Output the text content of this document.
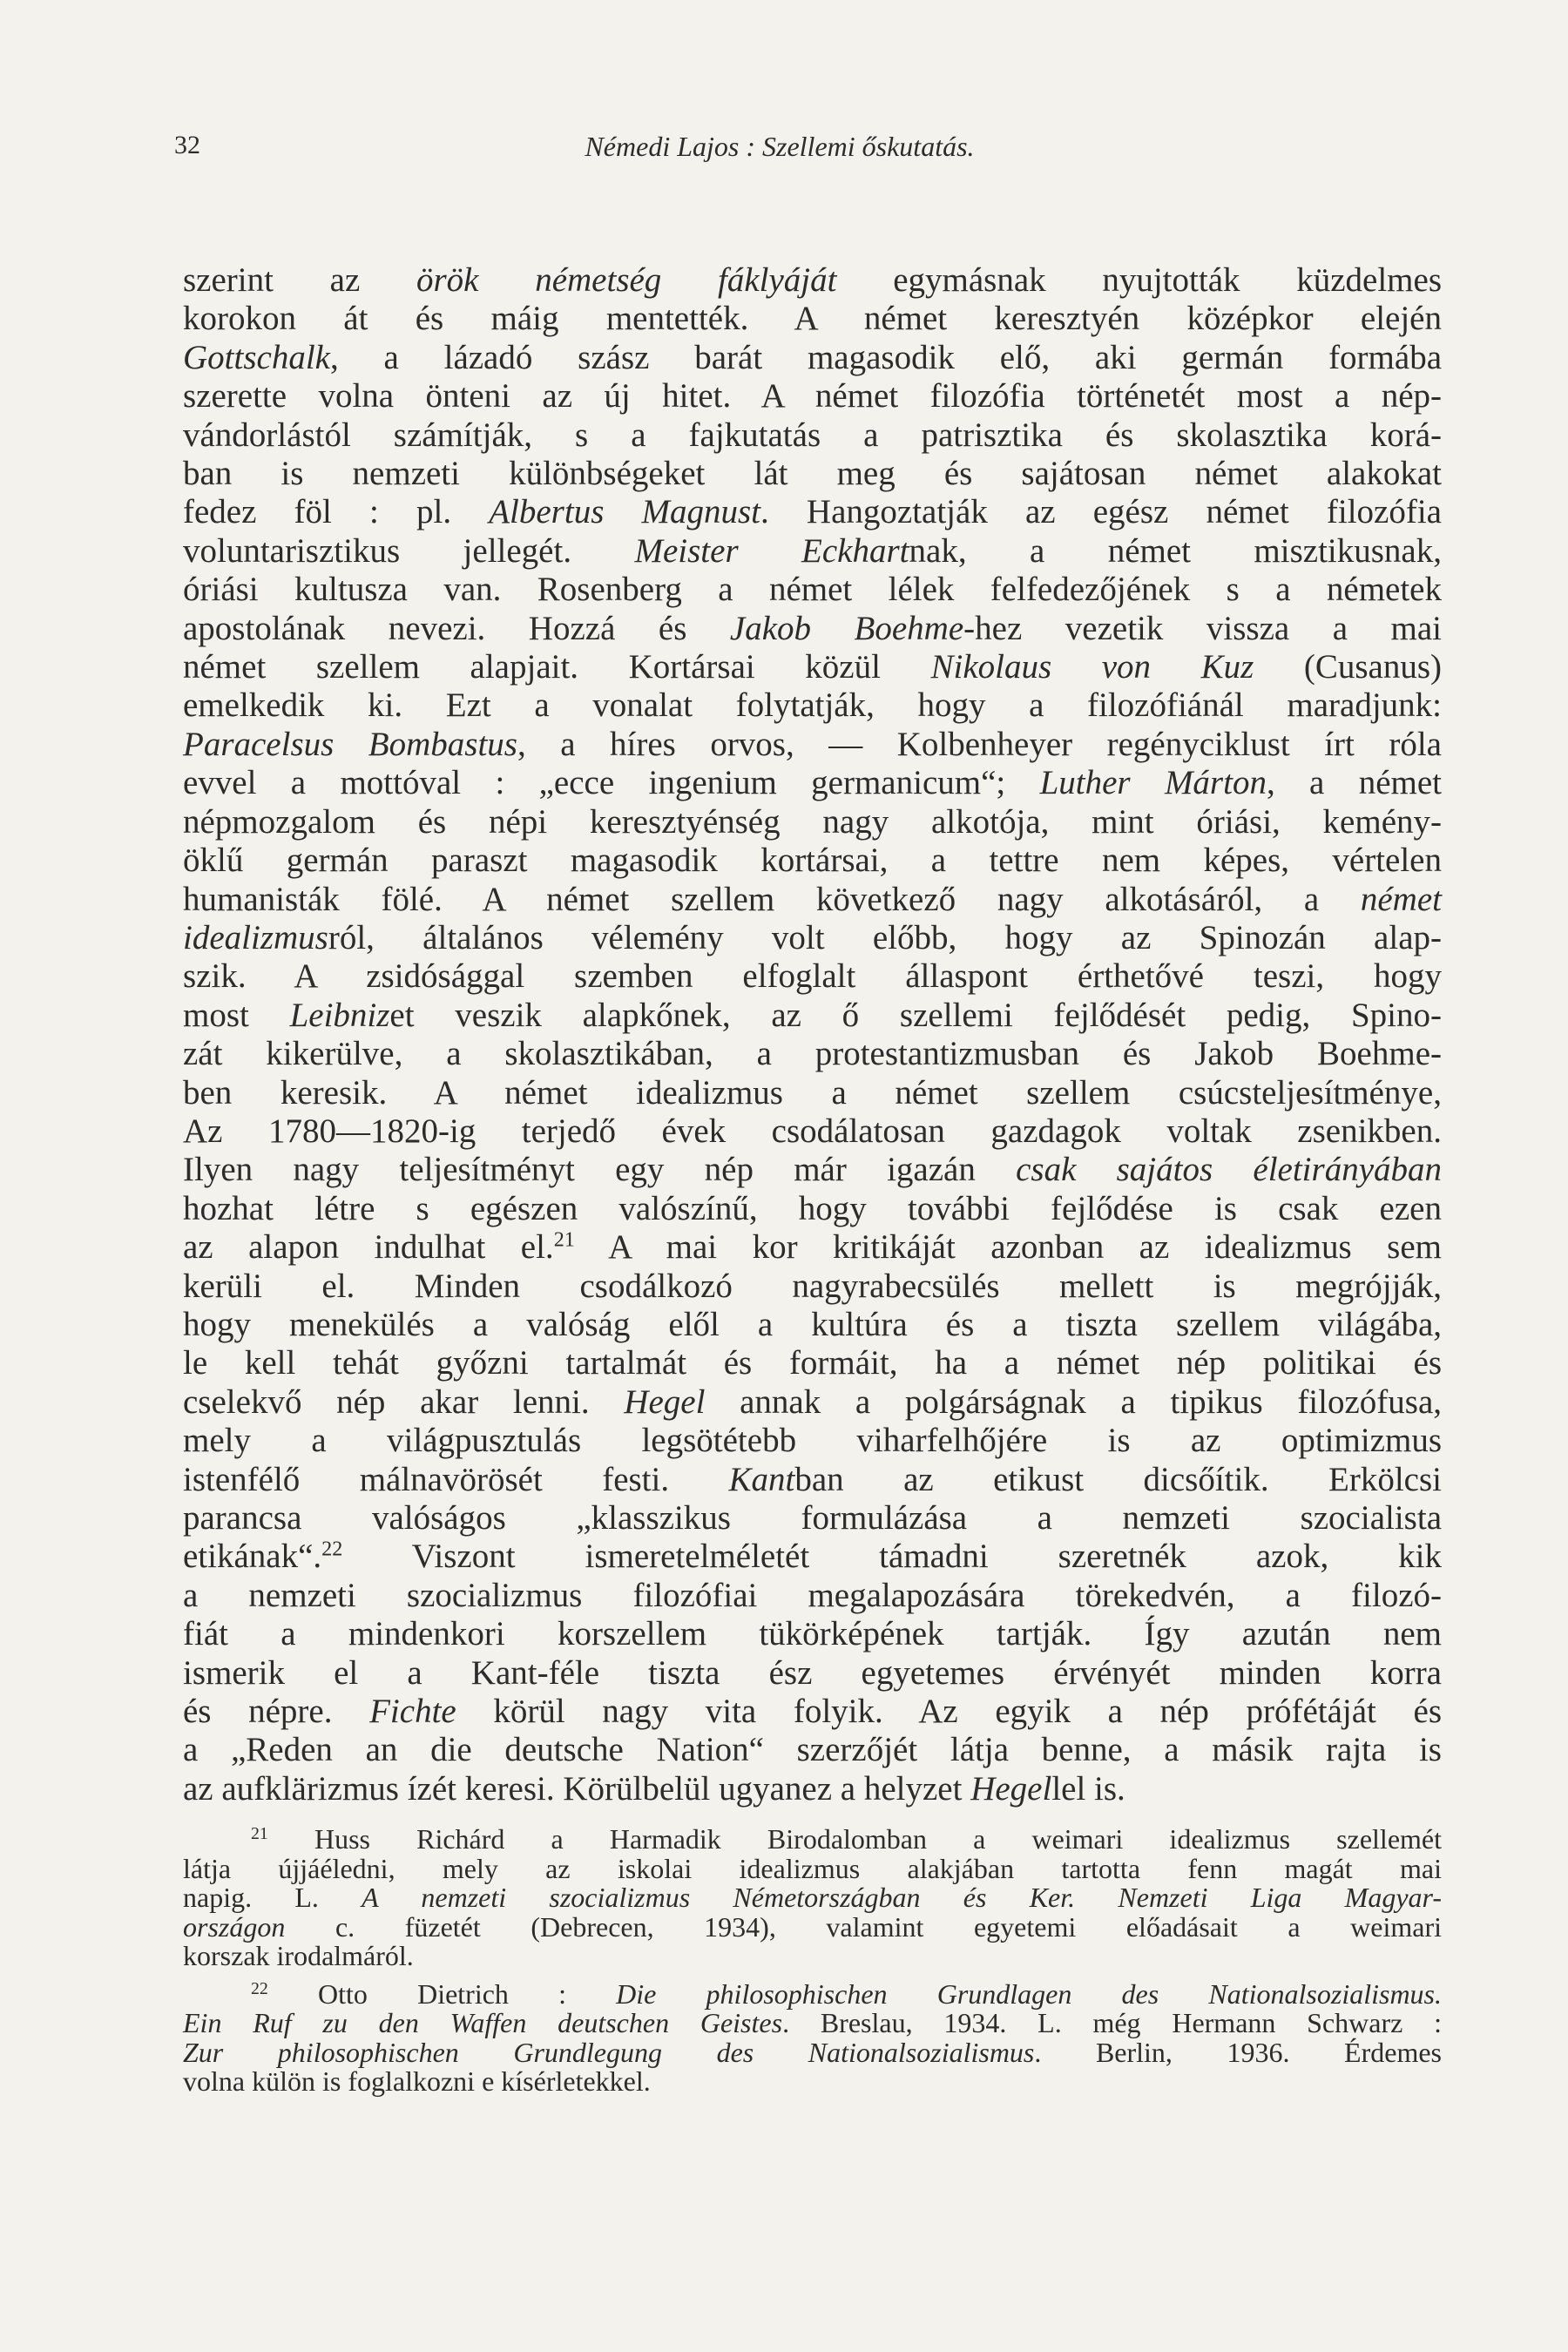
32	Némedi Lajos : Szellemi őskutatás.
szerint az örök németség fáklyáját egymásnak nyujtották küzdelmes
korokon át és máig mentették. A német keresztyén középkor elején
Gottschalk, a lázadó szász barát magasodik elő, aki germán formába
szerette volna önteni az új hitet. A német filozófia történetét most a nép-
vándorlástól számítják, s a fajkutatás a patrisztika és skolasztika korá-
ban is nemzeti különbségeket lát meg és sajátosan német alakokat
fedez föl : pl. Albertus Magnust. Hangoztatják az egész német filozófia
voluntarisztikus jellegét. Meister Eckhartnak, a német misztikusnak,
óriási kultusza van. Rosenberg a német lélek felfedezőjének s a németek
apostolának nevezi. Hozzá és Jakob Boehme-hez vezetik vissza a mai
német szellem alapjait. Kortársai közül Nikolaus von Kuz (Cusanus)
emelkedik ki. Ezt a vonalat folytatják, hogy a filozófiánál maradjunk:
Paracelsus Bombastus, a híres orvos, — Kolbenheyer regényciklust írt róla
evvel a mottóval : „ecce ingenium germanicum“; Luther Márton, a német
népmozgalom és népi keresztyénség nagy alkotója, mint óriási, kemény-
öklű germán paraszt magasodik kortársai, a tettre nem képes, vértelen
humanisták fölé. A német szellem következő nagy alkotásáról, a német
idealizmusról, általános vélemény volt előbb, hogy az Spinozán alap-
szik. A zsidósággal szemben elfoglalt állaspont érthetővé teszi, hogy
most Leibnizet veszik alapkőnek, az ő szellemi fejlődését pedig, Spino-
zát kikerülve, a skolasztikában, a protestantizmusban és Jakob Boehme-
ben keresik. A német idealizmus a német szellem csúcsteljesítménye,
Az 1780—1820-ig terjedő évek csodálatosan gazdagok voltak zsenikben.
Ilyen nagy teljesítményt egy nép már igazán csak sajátos életirányában
hozhat létre s egészen valószínű, hogy további fejlődése is csak ezen
az alapon indulhat el.$^{21}$ A mai kor kritikáját azonban az idealizmus sem
kerüli el. Minden csodálkozó nagyrabecsülés mellett is megrójják,
hogy menekülés a valóság elől a kultúra és a tiszta szellem világába,
le kell tehát győzni tartalmát és formáit, ha a német nép politikai és
cselekvő nép akar lenni. Hegel annak a polgárságnak a tipikus filozófusa,
mely a világpusztulás legsötétebb viharfelhőjére is az optimizmus
istenfélő málnavörösét festi. Kantban az etikust dicsőítik. Erkölcsi
parancsa valóságos „klasszikus formulázása a nemzeti szocialista
etikának“.$^{22}$ Viszont ismeretelméletét támadni szeretnék azok, kik
a nemzeti szocializmus filozófiai megalapozására törekedvén, a filozó-
fiát a mindenkori korszellem tükörképének tartják. Így azután nem
ismerik el a Kant-féle tiszta ész egyetemes érvényét minden korra
és népre. Fichte körül nagy vita folyik. Az egyik a nép prófétáját és
a „Reden an die deutsche Nation“ szerzőjét látja benne, a másik rajta is
az aufklärizmus ízét keresi. Körülbelül ugyanez a helyzet Hegellel is.
$^{21}$ Huss Richárd a Harmadik Birodalomban a weimari idealizmus szellemét
látja újjáéledni, mely az iskolai idealizmus alakjában tartotta fenn magát mai
napig. L. A nemzeti szocializmus Németországban és Ker. Nemzeti Liga Magyar-
országon c. füzetét (Debrecen, 1934), valamint egyetemi előadásait a weimari
korszak irodalmáról.
$^{22}$ Otto Dietrich : Die philosophischen Grundlagen des Nationalsozialismus.
Ein Ruf zu den Waffen deutschen Geistes. Breslau, 1934. L. még Hermann Schwarz :
Zur philosophischen Grundlegung des Nationalsozialismus. Berlin, 1936. Érdemes
volna külön is foglalkozni e kísérletekkel.
